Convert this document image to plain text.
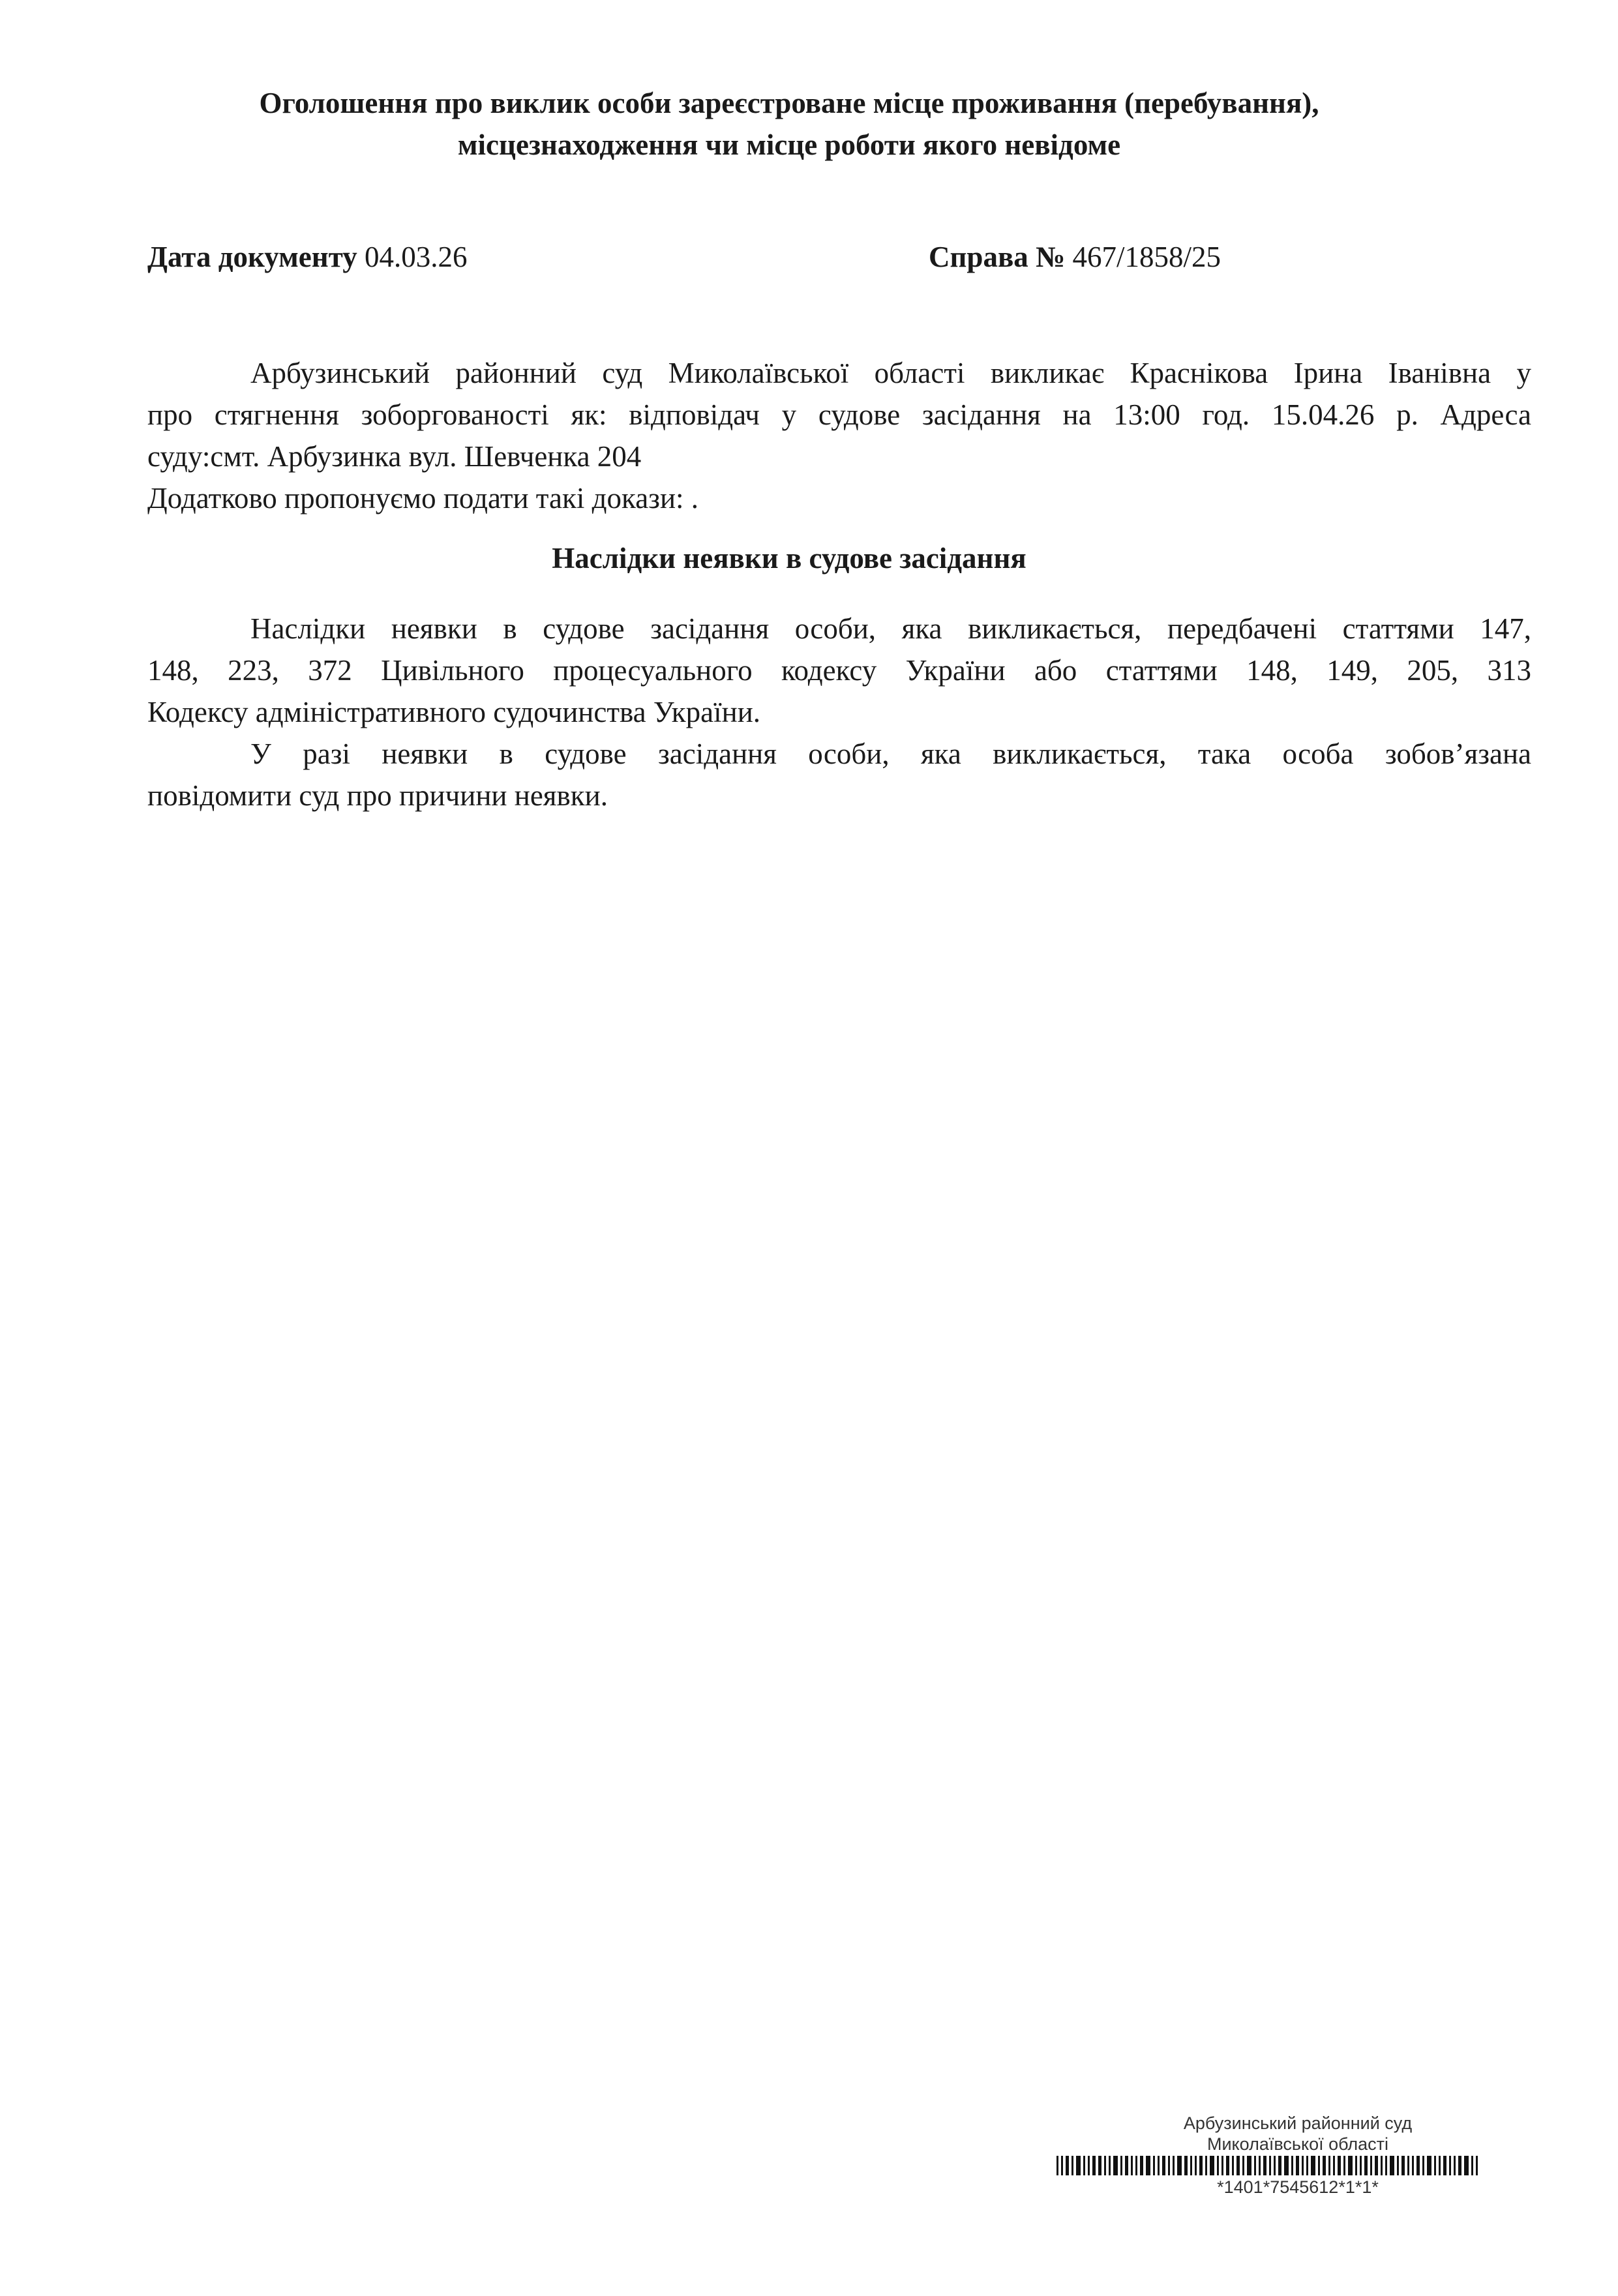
Оголошення про виклик особи зареєстроване місце проживання (перебування),
місцезнаходження чи місце роботи якого невідоме
Дата документу 04.03.26	Справа № 467/1858/25
Арбузинський районний суд Миколаївської області викликає Краснікова Ірина Іванівна у
про стягнення зоборгованості як: відповідач у судове засідання на 13:00 год. 15.04.26 р. Адреса
суду:смт. Арбузинка вул. Шевченка 204
Додатково пропонуємо подати такі докази: .
Наслідки неявки в судове засідання
Наслідки неявки в судове засідання особи, яка викликається, передбачені статтями 147,
148, 223, 372 Цивільного процесуального кодексу України або статтями 148, 149, 205, 313
Кодексу адміністративного судочинства України.
У разі неявки в судове засідання особи, яка викликається, така особа зобов’язана
повідомити суд про причини неявки.
Арбузинський районний суд
Миколаївської області
*1401*7545612*1*1*
